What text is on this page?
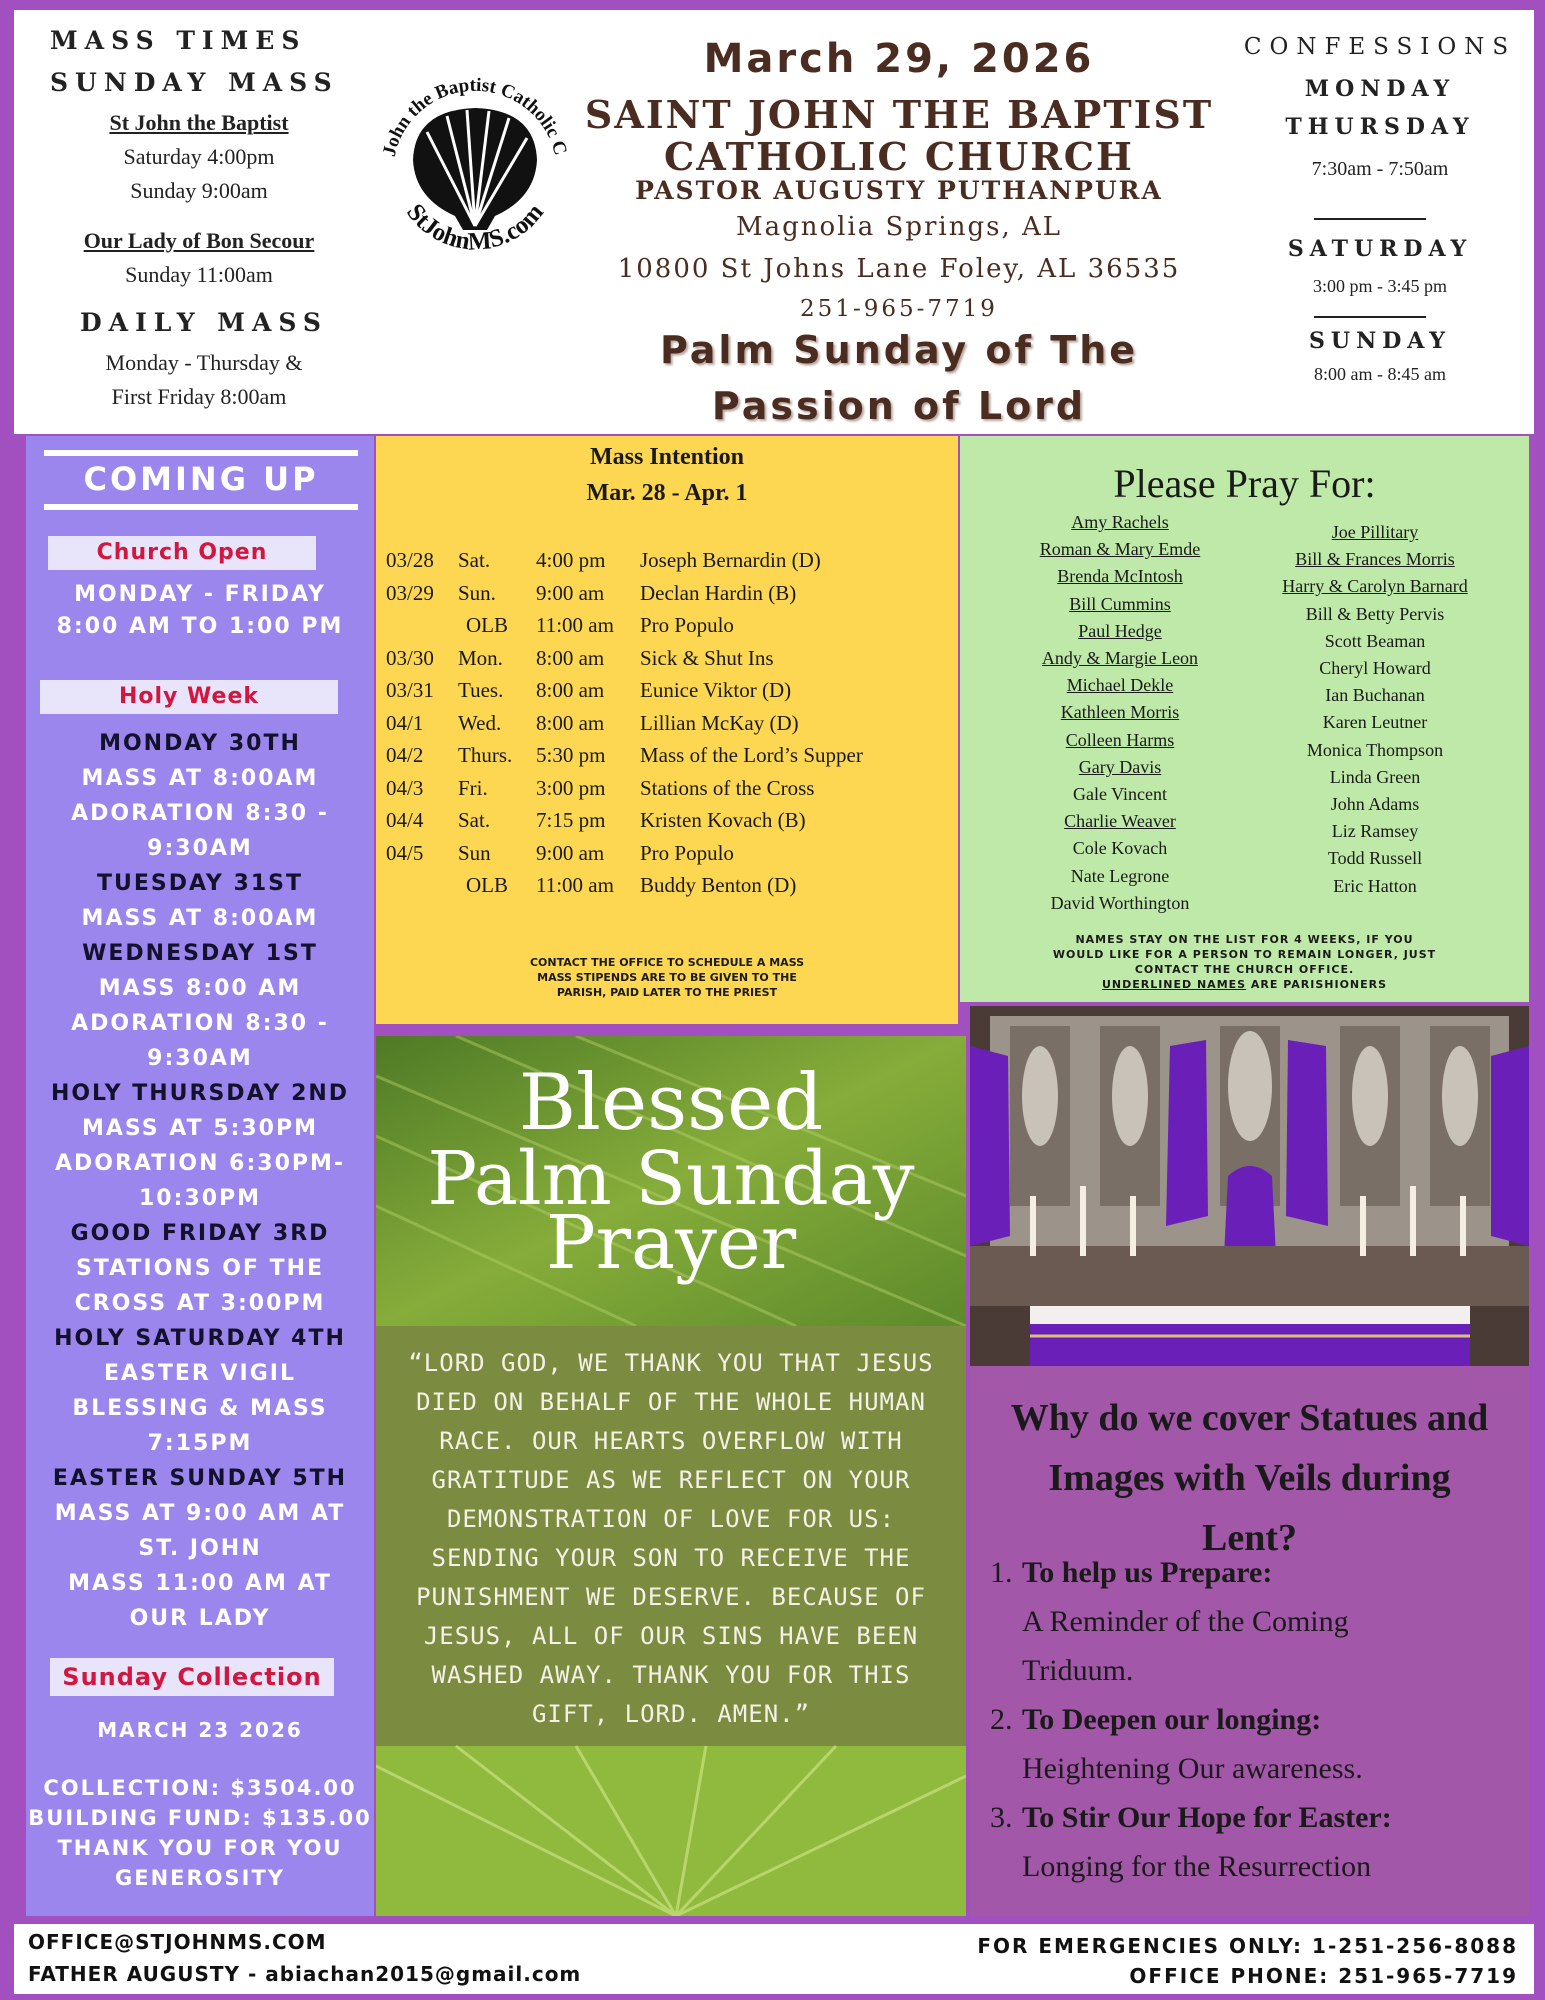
MASS TIMES
SUNDAY MASS
St John the Baptist
Saturday 4:00pm
Sunday 9:00am
Our Lady of Bon Secour
Sunday 11:00am
DAILY MASS
Monday - Thursday &
First Friday 8:00am
John the Baptist Catholic C
StJohnMS.com
March 29, 2026
SAINT JOHN THE BAPTIST
CATHOLIC CHURCH
PASTOR AUGUSTY PUTHANPURA
Magnolia Springs, AL
10800 St Johns Lane Foley, AL 36535
251-965-7719
Palm Sunday of The
Passion of Lord
CONFESSIONS
MONDAY
THURSDAY
7:30am - 7:50am
SATURDAY
3:00 pm - 3:45 pm
SUNDAY
8:00 am - 8:45 am
COMING UP
Church Open
MONDAY - FRIDAY
8:00 AM TO 1:00 PM
Holy Week
MONDAY 30TH
MASS AT 8:00AM
ADORATION 8:30 -
9:30AM
TUESDAY 31ST
MASS AT 8:00AM
WEDNESDAY 1ST
MASS 8:00 AM
ADORATION 8:30 -
9:30AM
HOLY THURSDAY 2ND
MASS AT 5:30PM
ADORATION 6:30PM-
10:30PM
GOOD FRIDAY 3RD
STATIONS OF THE
CROSS AT 3:00PM
HOLY SATURDAY 4TH
EASTER VIGIL
BLESSING & MASS
7:15PM
EASTER SUNDAY 5TH
MASS AT 9:00 AM AT
ST. JOHN
MASS 11:00 AM AT
OUR LADY
Sunday Collection
MARCH 23 2026
COLLECTION: $3504.00
BUILDING FUND: $135.00
THANK YOU FOR YOU
GENEROSITY
Mass Intention
Mar. 28 - Apr. 1
03/28 Sat. 4:00 pm Joseph Bernardin (D)
03/29 Sun. 9:00 am Declan Hardin (B)
OLB 11:00 am Pro Populo
03/30 Mon. 8:00 am Sick & Shut Ins
03/31 Tues. 8:00 am Eunice Viktor (D)
04/1 Wed. 8:00 am Lillian McKay (D)
04/2 Thurs. 5:30 pm Mass of the Lord’s Supper
04/3 Fri. 3:00 pm Stations of the Cross
04/4 Sat. 7:15 pm Kristen Kovach (B)
04/5 Sun 9:00 am Pro Populo
OLB 11:00 am Buddy Benton (D)
CONTACT THE OFFICE TO SCHEDULE A MASS
MASS STIPENDS ARE TO BE GIVEN TO THE
PARISH, PAID LATER TO THE PRIEST
Please Pray For:
Amy Rachels
Roman & Mary Emde
Brenda McIntosh
Bill Cummins
Paul Hedge
Andy & Margie Leon
Michael Dekle
Kathleen Morris
Colleen Harms
Gary Davis
Gale Vincent
Charlie Weaver
Cole Kovach
Nate Legrone
David Worthington
Joe Pillitary
Bill & Frances Morris
Harry & Carolyn Barnard
Bill & Betty Pervis
Scott Beaman
Cheryl Howard
Ian Buchanan
Karen Leutner
Monica Thompson
Linda Green
John Adams
Liz Ramsey
Todd Russell
Eric Hatton
NAMES STAY ON THE LIST FOR 4 WEEKS, IF YOU
WOULD LIKE FOR A PERSON TO REMAIN LONGER, JUST
CONTACT THE CHURCH OFFICE.
UNDERLINED NAMES ARE PARISHIONERS
Blessed
Palm Sunday
Prayer
“LORD GOD, WE THANK YOU THAT JESUS
DIED ON BEHALF OF THE WHOLE HUMAN
RACE. OUR HEARTS OVERFLOW WITH
GRATITUDE AS WE REFLECT ON YOUR
DEMONSTRATION OF LOVE FOR US:
SENDING YOUR SON TO RECEIVE THE
PUNISHMENT WE DESERVE. BECAUSE OF
JESUS, ALL OF OUR SINS HAVE BEEN
WASHED AWAY. THANK YOU FOR THIS
GIFT, LORD. AMEN.”
Why do we cover Statues and
Images with Veils during
Lent?
1. To help us Prepare:
A Reminder of the Coming
Triduum.
2. To Deepen our longing:
Heightening Our awareness.
3. To Stir Our Hope for Easter:
Longing for the Resurrection
OFFICE@STJOHNMS.COM
FATHER AUGUSTY - abiachan2015@gmail.com
FOR EMERGENCIES ONLY: 1-251-256-8088
OFFICE PHONE: 251-965-7719
